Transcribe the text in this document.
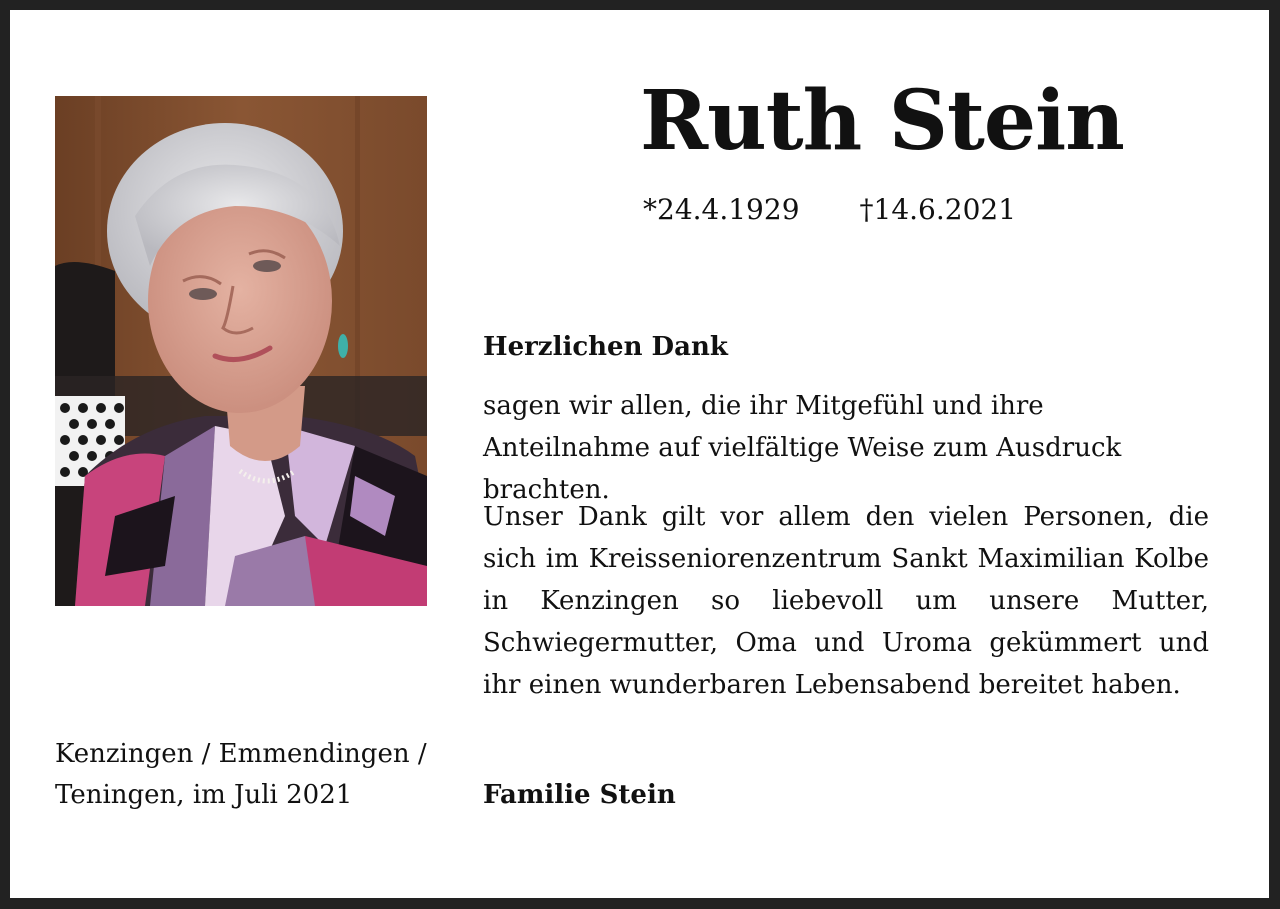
Ruth Stein
*24.4.1929 †14.6.2021
Herzlichen Dank

sagen wir allen, die ihr Mitgefühl und ihre Anteilnahme auf vielfältige Weise zum Ausdruck brachten.

Unser Dank gilt vor allem den vielen Personen, die sich im Kreisseniorenzentrum Sankt Maximilian Kolbe in Kenzingen so liebevoll um unsere Mutter, Schwiegermutter, Oma und Uroma gekümmert und ihr einen wunderbaren Lebensabend bereitet haben.

Kenzingen / Emmendingen /
Teningen, im Juli 2021	Familie Stein
